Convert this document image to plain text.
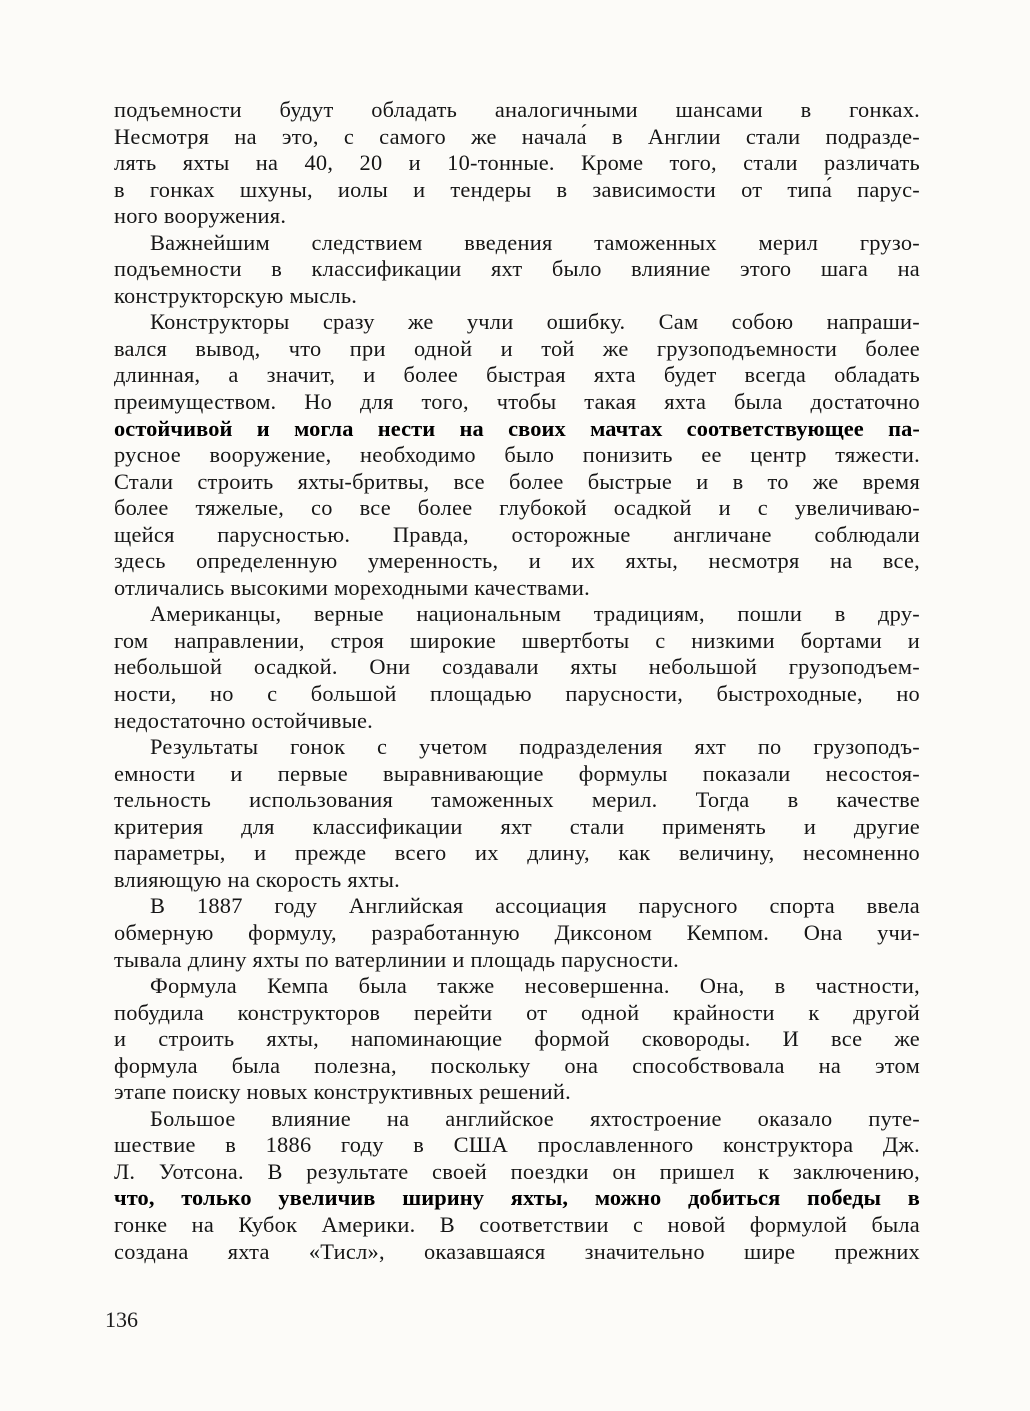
подъемности будут обладать аналогичными шансами в гонках.
Несмотря на это, с самого же начала́ в Англии стали подразде-
лять яхты на 40, 20 и 10-тонные. Кроме того, стали различать
в гонках шхуны, иолы и тендеры в зависимости от типа́ парус-
ного вооружения.

Важнейшим следствием введения таможенных мерил грузо-
подъемности в классификации яхт было влияние этого шага на
конструкторскую мысль.

Конструкторы сразу же учли ошибку. Сам собою напраши-
вался вывод, что при одной и той же грузоподъемности более
длинная, а значит, и более быстрая яхта будет всегда обладать
преимуществом. Но для того, чтобы такая яхта была достаточно
остойчивой и могла нести на своих мачтах соответствующее па-
русное вооружение, необходимо было понизить ее центр тяжести.
Стали строить яхты-бритвы, все более быстрые и в то же время
более тяжелые, со все более глубокой осадкой и с увеличиваю-
щейся парусностью. Правда, осторожные англичане соблюдали
здесь определенную умеренность, и их яхты, несмотря на все,
отличались высокими мореходными качествами.

Американцы, верные национальным традициям, пошли в дру-
гом направлении, строя широкие швертботы с низкими бортами и
небольшой осадкой. Они создавали яхты небольшой грузоподъем-
ности, но с большой площадью парусности, быстроходные, но
недостаточно остойчивые.

Результаты гонок с учетом подразделения яхт по грузоподъ-
емности и первые выравнивающие формулы показали несостоя-
тельность использования таможенных мерил. Тогда в качестве
критерия для классификации яхт стали применять и другие
параметры, и прежде всего их длину, как величину, несомненно
влияющую на скорость яхты.

В 1887 году Английская ассоциация парусного спорта ввела
обмерную формулу, разработанную Диксоном Кемпом. Она учи-
тывала длину яхты по ватерлинии и площадь парусности.

Формула Кемпа была также несовершенна. Она, в частности,
побудила конструкторов перейти от одной крайности к другой
и строить яхты, напоминающие формой сковороды. И все же
формула была полезна, поскольку она способствовала на этом
этапе поиску новых конструктивных решений.

Большое влияние на английское яхтостроение оказало путе-
шествие в 1886 году в США прославленного конструктора Дж.
Л. Уотсона. В результате своей поездки он пришел к заключению,
что, только увеличив ширину яхты, можно добиться победы в
гонке на Кубок Америки. В соответствии с новой формулой была
создана яхта «Тисл», оказавшаяся значительно шире прежних

136
